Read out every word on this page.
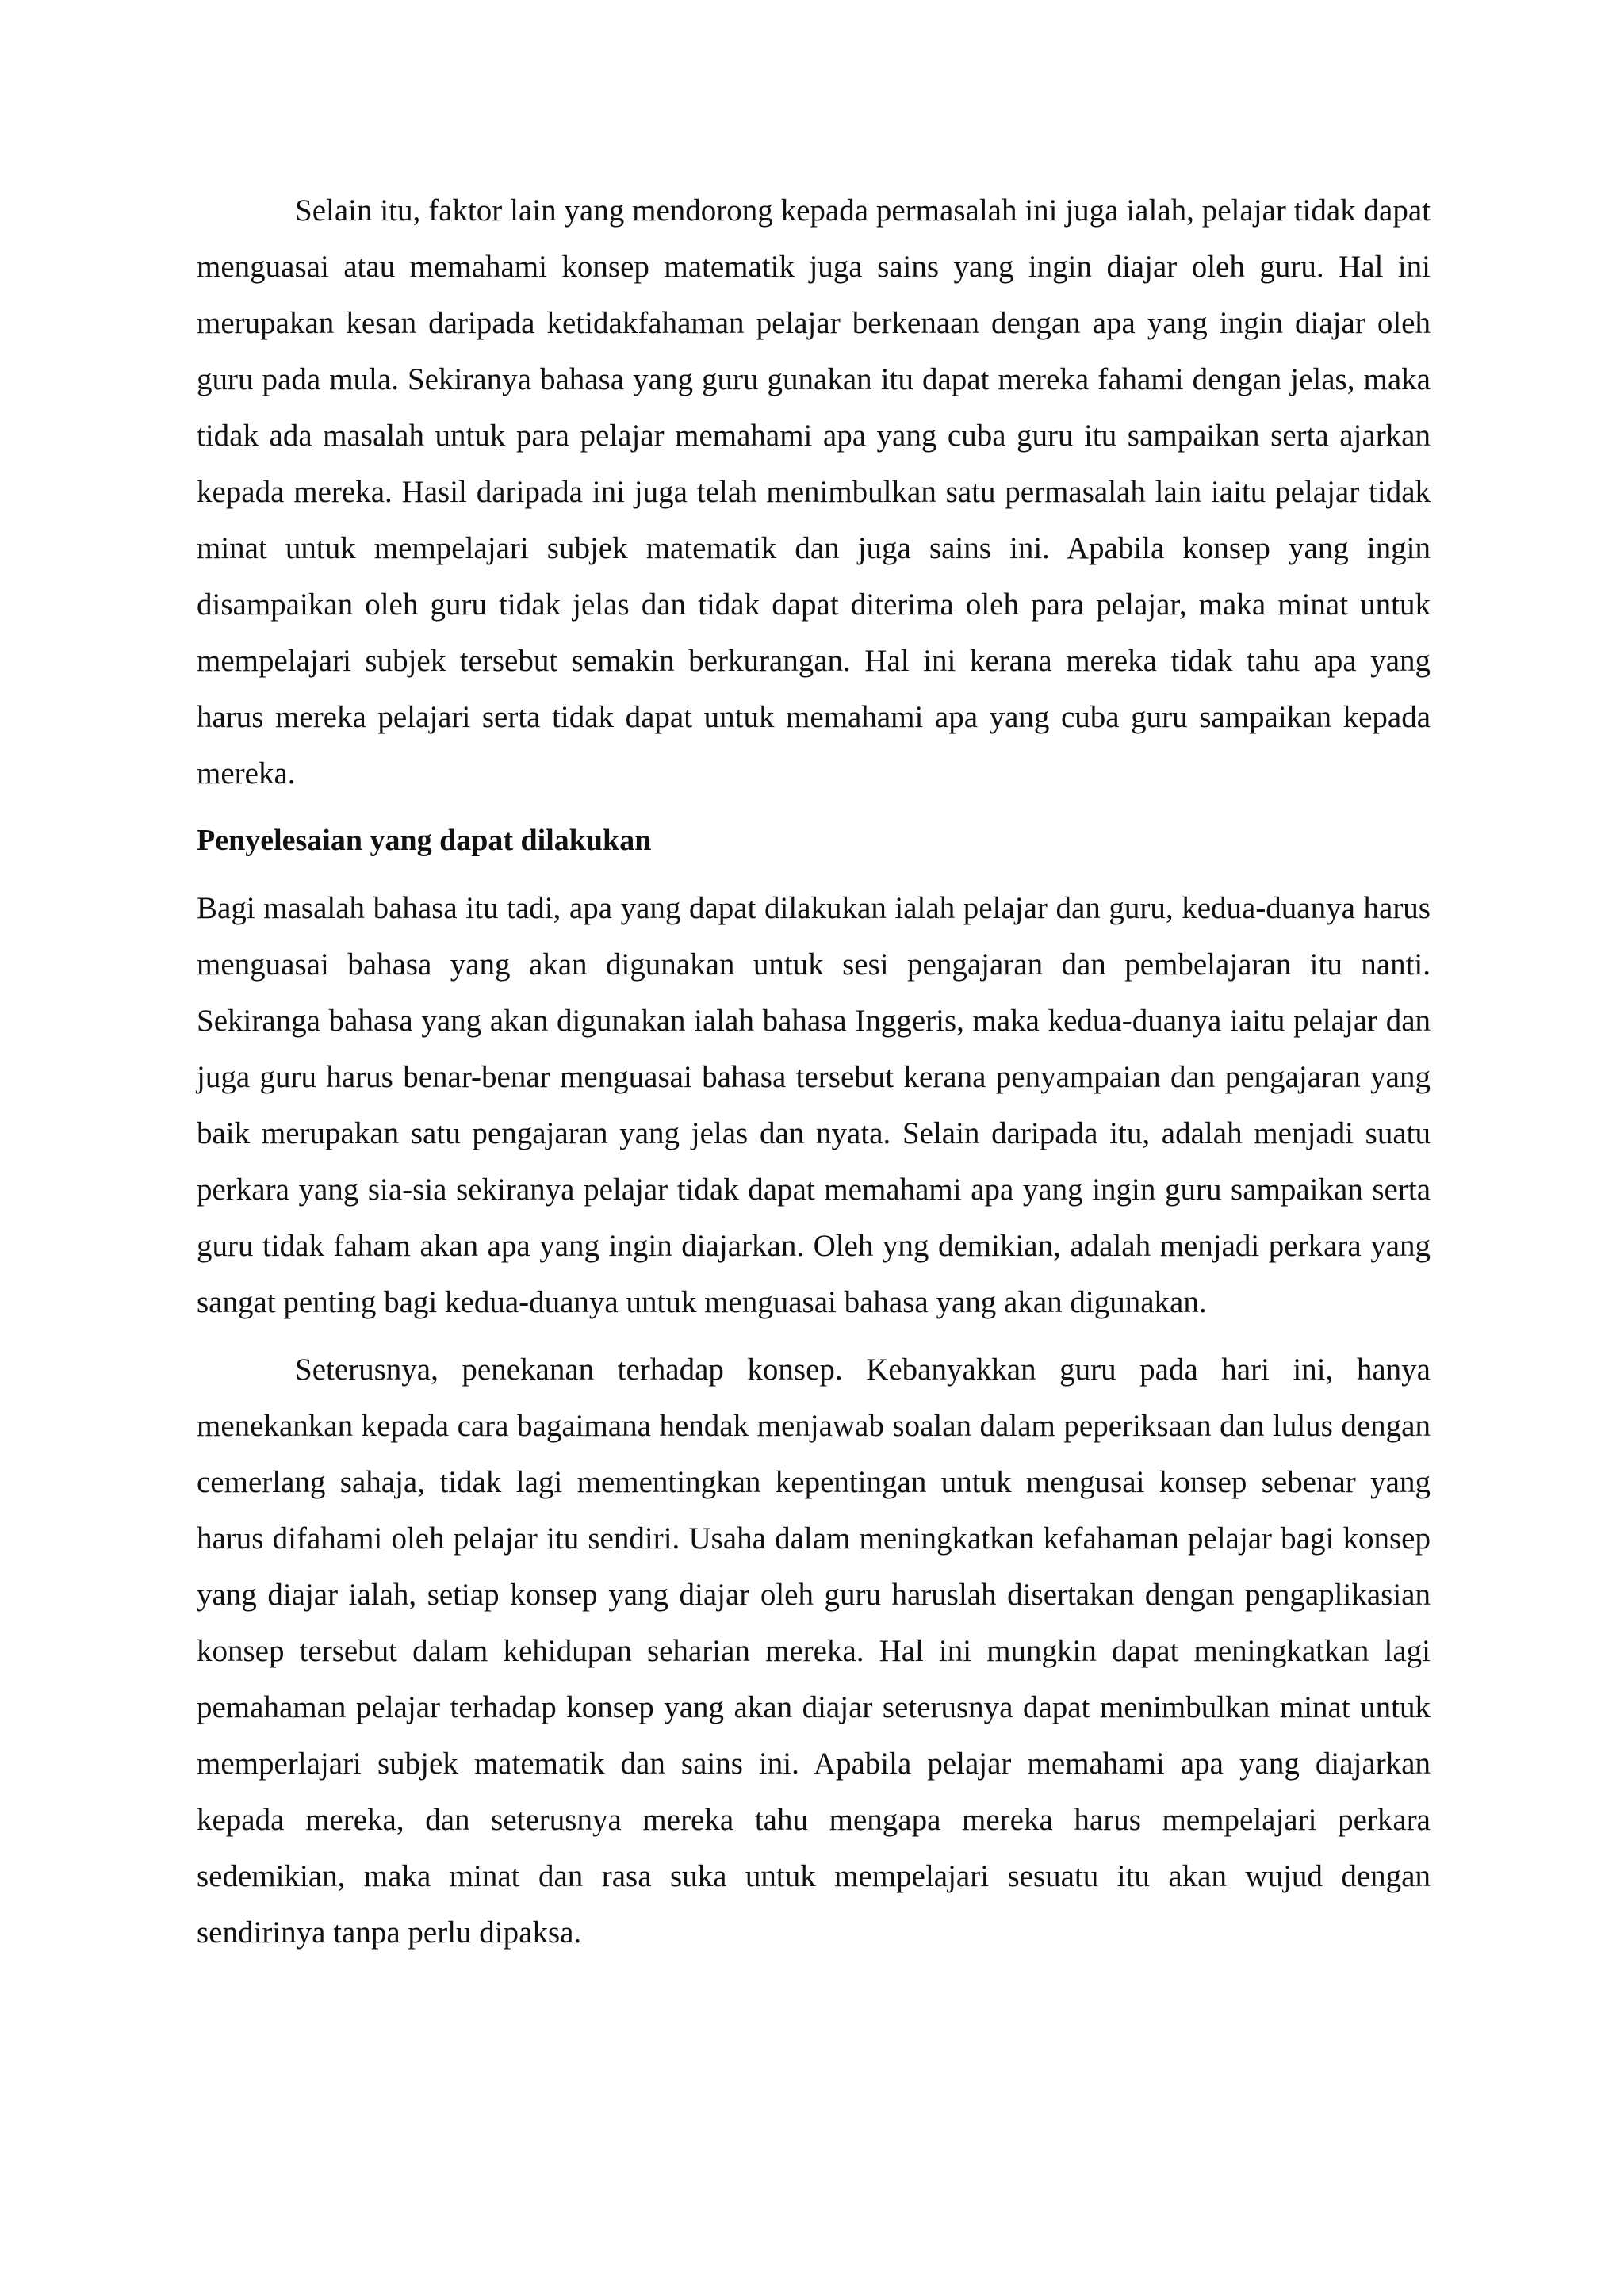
Selain itu, faktor lain yang mendorong kepada permasalah ini juga ialah, pelajar tidak dapat menguasai atau memahami konsep matematik juga sains yang ingin diajar oleh guru. Hal ini merupakan kesan daripada ketidakfahaman pelajar berkenaan dengan apa yang ingin diajar oleh guru pada mula. Sekiranya bahasa yang guru gunakan itu dapat mereka fahami dengan jelas, maka tidak ada masalah untuk para pelajar memahami apa yang cuba guru itu sampaikan serta ajarkan kepada mereka. Hasil daripada ini juga telah menimbulkan satu permasalah lain iaitu pelajar tidak minat untuk mempelajari subjek matematik dan juga sains ini. Apabila konsep yang ingin disampaikan oleh guru tidak jelas dan tidak dapat diterima oleh para pelajar, maka minat untuk mempelajari subjek tersebut semakin berkurangan. Hal ini kerana mereka tidak tahu apa yang harus mereka pelajari serta tidak dapat untuk memahami apa yang cuba guru sampaikan kepada mereka.

Penyelesaian yang dapat dilakukan

Bagi masalah bahasa itu tadi, apa yang dapat dilakukan ialah pelajar dan guru, kedua-duanya harus menguasai bahasa yang akan digunakan untuk sesi pengajaran dan pembelajaran itu nanti. Sekiranga bahasa yang akan digunakan ialah bahasa Inggeris, maka kedua-duanya iaitu pelajar dan juga guru harus benar-benar menguasai bahasa tersebut kerana penyampaian dan pengajaran yang baik merupakan satu pengajaran yang jelas dan nyata. Selain daripada itu, adalah menjadi suatu perkara yang sia-sia sekiranya pelajar tidak dapat memahami apa yang ingin guru sampaikan serta guru tidak faham akan apa yang ingin diajarkan. Oleh yng demikian, adalah menjadi perkara yang sangat penting bagi kedua-duanya untuk menguasai bahasa yang akan digunakan.

Seterusnya, penekanan terhadap konsep. Kebanyakkan guru pada hari ini, hanya menekankan kepada cara bagaimana hendak menjawab soalan dalam peperiksaan dan lulus dengan cemerlang sahaja, tidak lagi mementingkan kepentingan untuk mengusai konsep sebenar yang harus difahami oleh pelajar itu sendiri. Usaha dalam meningkatkan kefahaman pelajar bagi konsep yang diajar ialah, setiap konsep yang diajar oleh guru haruslah disertakan dengan pengaplikasian konsep tersebut dalam kehidupan seharian mereka. Hal ini mungkin dapat meningkatkan lagi pemahaman pelajar terhadap konsep yang akan diajar seterusnya dapat menimbulkan minat untuk memperlajari subjek matematik dan sains ini. Apabila pelajar memahami apa yang diajarkan kepada mereka, dan seterusnya mereka tahu mengapa mereka harus mempelajari perkara sedemikian, maka minat dan rasa suka untuk mempelajari sesuatu itu akan wujud dengan sendirinya tanpa perlu dipaksa.
